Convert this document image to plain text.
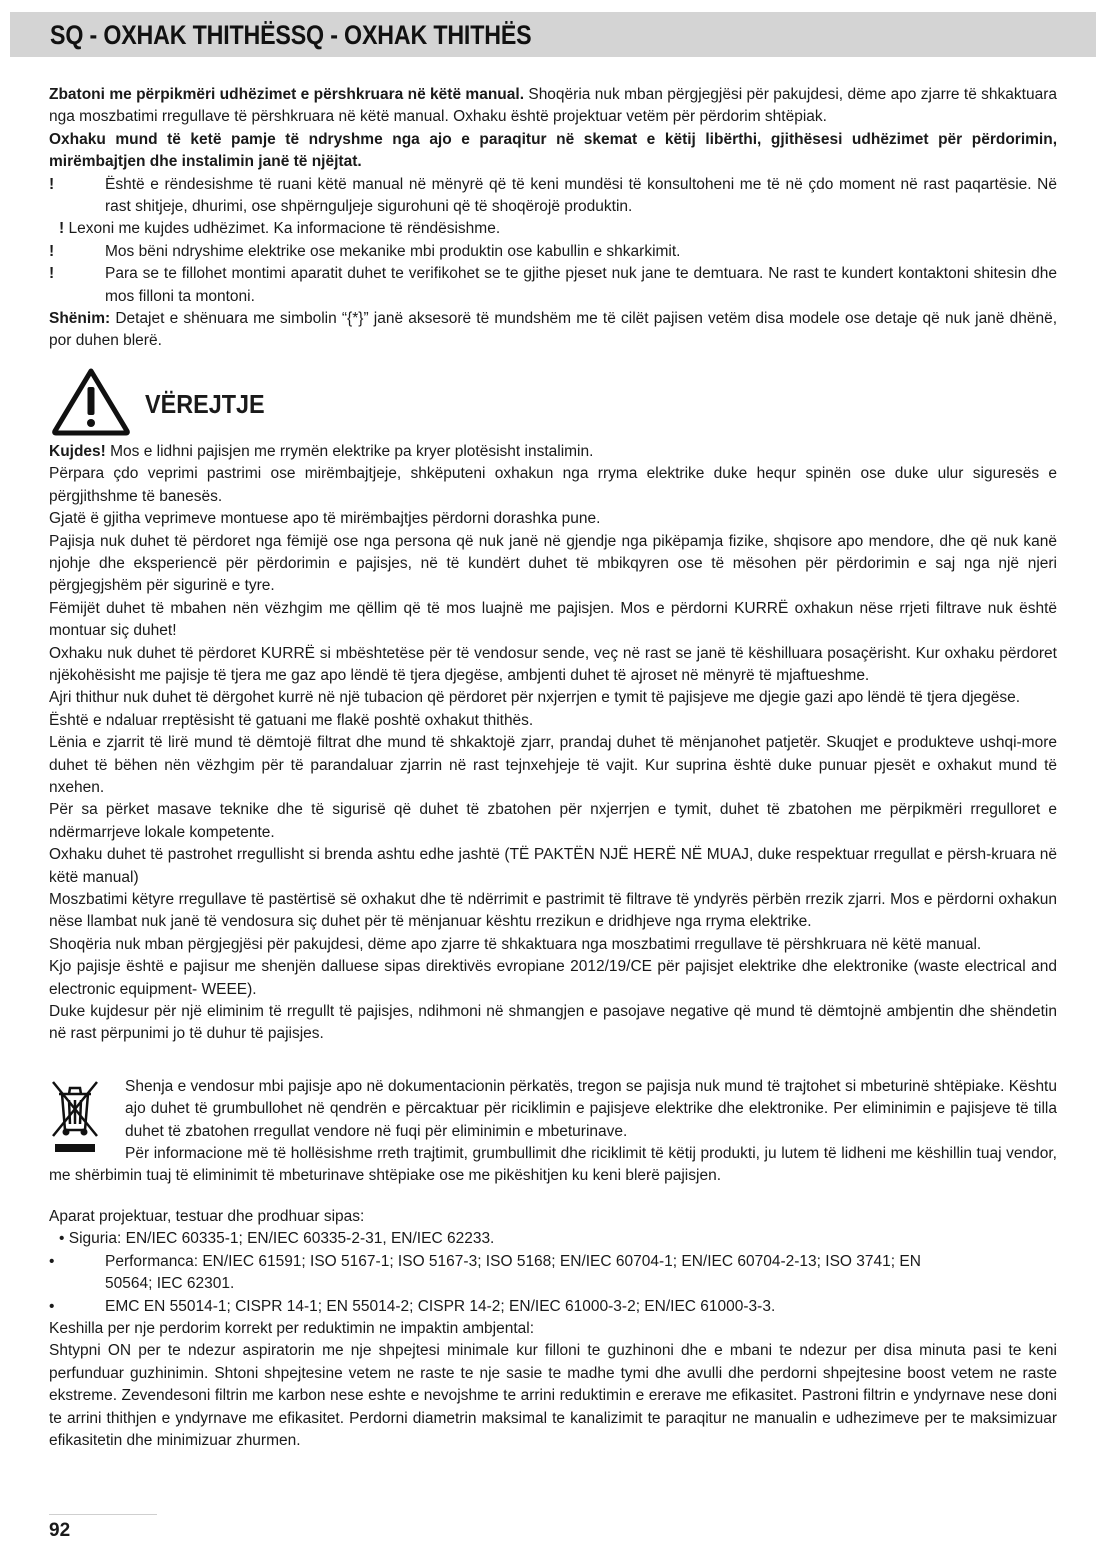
SQ - OXHAK THITHËSSQ - OXHAK THITHËS

Zbatoni me përpikmëri udhëzimet e përshkruara në këtë manual. Shoqëria nuk mban përgjegjësi për pakujdesi, dëme apo zjarre të shkaktuara nga moszbatimi rregullave të përshkruara në këtë manual. Oxhaku është projektuar vetëm për përdorim shtëpiak.

Oxhaku mund të ketë pamje të ndryshme nga ajo e paraqitur në skemat e këtij libërthi, gjithësesi udhëzimet për përdorimin, mirëmbajtjen dhe instalimin janë të njëjtat.

!	Është e rëndesishme të ruani këtë manual në mënyrë që të keni mundësi të konsultoheni me të në çdo moment në rast paqartësie. Në rast shitjeje, dhurimi, ose shpërnguljeje sigurohuni që të shoqërojë produktin.
! Lexoni me kujdes udhëzimet. Ka informacione të rëndësishme.
!	Mos bëni ndryshime elektrike ose mekanike mbi produktin ose kabullin e shkarkimit.
!	Para se te fillohet montimi aparatit duhet te verifikohet se te gjithe pjeset nuk jane te demtuara. Ne rast te kundert kontaktoni shitesin dhe mos filloni ta montoni.

Shënim: Detajet e shënuara me simbolin “{*}” janë aksesorë të mundshëm me të cilët pajisen vetëm disa modele ose detaje që nuk janë dhënë, por duhen blerë.

VËREJTJE

Kujdes! Mos e lidhni pajisjen me rrymën elektrike pa kryer plotësisht instalimin.

Përpara çdo veprimi pastrimi ose mirëmbajtjeje, shkëputeni oxhakun nga rryma elektrike duke hequr spinën ose duke ulur siguresës e përgjithshme të banesës.

Gjatë ë gjitha veprimeve montuese apo të mirëmbajtjes përdorni dorashka pune.

Pajisja nuk duhet të përdoret nga fëmijë ose nga persona që nuk janë në gjendje nga pikëpamja fizike, shqisore apo mendore, dhe që nuk kanë njohje dhe eksperiencë për përdorimin e pajisjes, në të kundërt duhet të mbikqyren ose të mësohen për përdorimin e saj nga një njeri përgjegjshëm për sigurinë e tyre.

Fëmijët duhet të mbahen nën vëzhgim me qëllim që të mos luajnë me pajisjen. Mos e përdorni KURRË oxhakun nëse rrjeti filtrave nuk është montuar siç duhet!

Oxhaku nuk duhet të përdoret KURRË si mbështetëse për të vendosur sende, veç në rast se janë të këshilluara posaçërisht. Kur oxhaku përdoret njëkohësisht me pajisje të tjera me gaz apo lëndë të tjera djegëse, ambjenti duhet të ajroset në mënyrë të mjaftueshme.

Ajri thithur nuk duhet të dërgohet kurrë në një tubacion që përdoret për nxjerrjen e tymit të pajisjeve me djegie gazi apo lëndë të tjera djegëse.

Është e ndaluar rreptësisht të gatuani me flakë poshtë oxhakut thithës.

Lënia e zjarrit të lirë mund të dëmtojë filtrat dhe mund të shkaktojë zjarr, prandaj duhet të mënjanohet patjetër. Skuqjet e produkteve ushqi-more duhet të bëhen nën vëzhgim për të parandaluar zjarrin në rast tejnxehjeje të vajit. Kur suprina është duke punuar pjesët e oxhakut mund të nxehen.

Për sa përket masave teknike dhe të sigurisë që duhet të zbatohen për nxjerrjen e tymit, duhet të zbatohen me përpikmëri rregulloret e ndërmarrjeve lokale kompetente.

Oxhaku duhet të pastrohet rregullisht si brenda ashtu edhe jashtë (TË PAKTËN NJË HERË NË MUAJ, duke respektuar rregullat e përsh-kruara në këtë manual)

Moszbatimi këtyre rregullave të pastërtisë së oxhakut dhe të ndërrimit e pastrimit të filtrave të yndyrës përbën rrezik zjarri. Mos e përdorni oxhakun nëse llambat nuk janë të vendosura siç duhet për të mënjanuar kështu rrezikun e dridhjeve nga rryma elektrike.

Shoqëria nuk mban përgjegjësi për pakujdesi, dëme apo zjarre të shkaktuara nga moszbatimi rregullave të përshkruara në këtë manual.

Kjo pajisje është e pajisur me shenjën dalluese sipas direktivës evropiane 2012/19/CE për pajisjet elektrike dhe elektronike (waste electrical and electronic equipment- WEEE).

Duke kujdesur për një eliminim të rregullt të pajisjes, ndihmoni në shmangjen e pasojave negative që mund të dëmtojnë ambjentin dhe shëndetin në rast përpunimi jo të duhur të pajisjes.

Shenja e vendosur mbi pajisje apo në dokumentacionin përkatës, tregon se pajisja nuk mund të trajtohet si mbeturinë shtëpiake. Kështu ajo duhet të grumbullohet në qendrën e përcaktuar për riciklimin e pajisjeve elektrike dhe elektronike. Per eliminimin e pajisjeve të tilla duhet të zbatohen rregullat vendore në fuqi për eliminimin e mbeturinave.

Për informacione më të hollësishme rreth trajtimit, grumbullimit dhe riciklimit të këtij produkti, ju lutem të lidheni me këshillin tuaj vendor, me shërbimin tuaj të eliminimit të mbeturinave shtëpiake ose me pikëshitjen ku keni blerë pajisjen.

Aparat projektuar, testuar dhe prodhuar sipas:

• Siguria: EN/IEC 60335-1; EN/IEC 60335-2-31, EN/IEC 62233.
•	Performanca: EN/IEC 61591; ISO 5167-1; ISO 5167-3; ISO 5168; EN/IEC 60704-1; EN/IEC 60704-2-13; ISO 3741; EN 50564; IEC 62301.
•	EMC EN 55014-1; CISPR 14-1; EN 55014-2; CISPR 14-2; EN/IEC 61000-3-2; EN/IEC 61000-3-3.

Keshilla per nje perdorim korrekt per reduktimin ne impaktin ambjental:

Shtypni ON per te ndezur aspiratorin me nje shpejtesi minimale kur filloni te guzhinoni dhe e mbani te ndezur per disa minuta pasi te keni perfunduar guzhinimin. Shtoni shpejtesine vetem ne raste te nje sasie te madhe tymi dhe avulli dhe perdorni shpejtesine boost vetem ne raste ekstreme. Zevendesoni filtrin me karbon nese eshte e nevojshme te arrini reduktimin e ererave me efikasitet. Pastroni filtrin e yndyrnave nese doni te arrini thithjen e yndyrnave me efikasitet. Perdorni diametrin maksimal te kanalizimit te paraqitur ne manualin e udhezimeve per te maksimizuar efikasitetin dhe minimizuar zhurmen.

92
